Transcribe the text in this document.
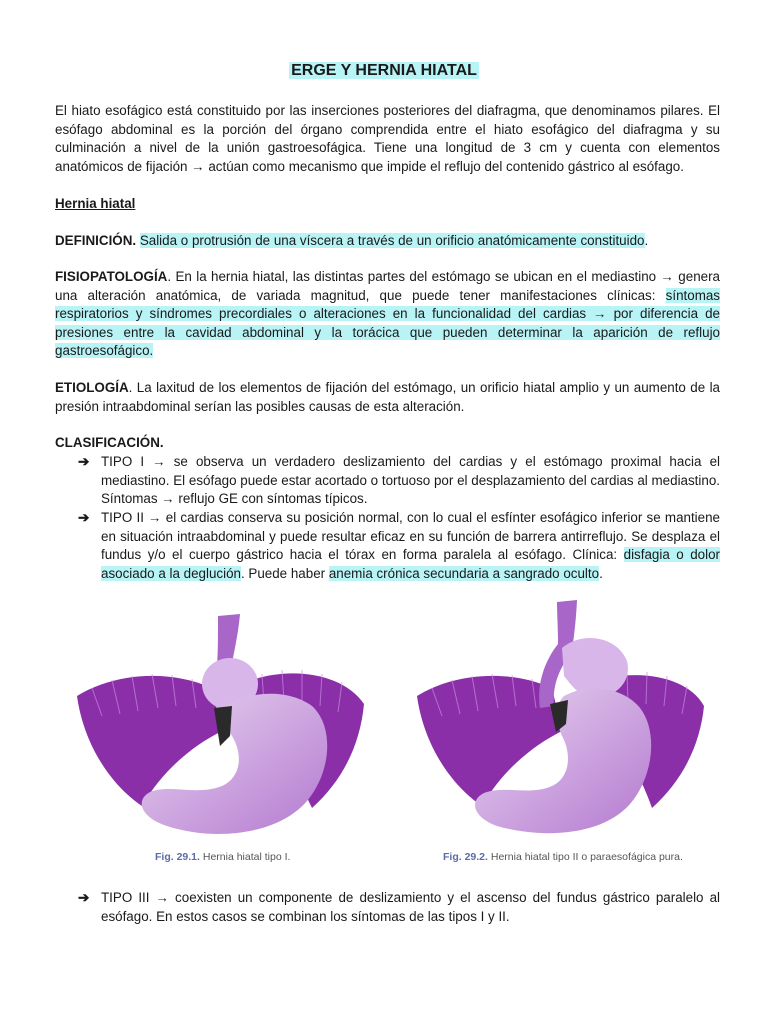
ERGE Y HERNIA HIATAL
El hiato esofágico está constituido por las inserciones posteriores del diafragma, que denominamos pilares. El esófago abdominal es la porción del órgano comprendida entre el hiato esofágico del diafragma y su culminación a nivel de la unión gastroesofágica. Tiene una longitud de 3 cm y cuenta con elementos anatómicos de fijación → actúan como mecanismo que impide el reflujo del contenido gástrico al esófago.
Hernia hiatal
DEFINICIÓN. Salida o protrusión de una víscera a través de un orificio anatómicamente constituido.
FISIOPATOLOGÍA. En la hernia hiatal, las distintas partes del estómago se ubican en el mediastino → genera una alteración anatómica, de variada magnitud, que puede tener manifestaciones clínicas: síntomas respiratorios y síndromes precordiales o alteraciones en la funcionalidad del cardias → por diferencia de presiones entre la cavidad abdominal y la torácica que pueden determinar la aparición de reflujo gastroesofágico.
ETIOLOGÍA. La laxitud de los elementos de fijación del estómago, un orificio hiatal amplio y un aumento de la presión intraabdominal serían las posibles causas de esta alteración.
CLASIFICACIÓN.
➔ TIPO I → se observa un verdadero deslizamiento del cardias y el estómago proximal hacia el mediastino. El esófago puede estar acortado o tortuoso por el desplazamiento del cardias al mediastino. Síntomas → reflujo GE con síntomas típicos.
➔ TIPO II → el cardias conserva su posición normal, con lo cual el esfínter esofágico inferior se mantiene en situación intraabdominal y puede resultar eficaz en su función de barrera antirreflujo. Se desplaza el fundus y/o el cuerpo gástrico hacia el tórax en forma paralela al esófago. Clínica: disfagia o dolor asociado a la deglución. Puede haber anemia crónica secundaria a sangrado oculto.
Fig. 29.1. Hernia hiatal tipo I.	Fig. 29.2. Hernia hiatal tipo II o paraesofágica pura.
➔ TIPO III → coexisten un componente de deslizamiento y el ascenso del fundus gástrico paralelo al esófago. En estos casos se combinan los síntomas de las tipos I y II.
